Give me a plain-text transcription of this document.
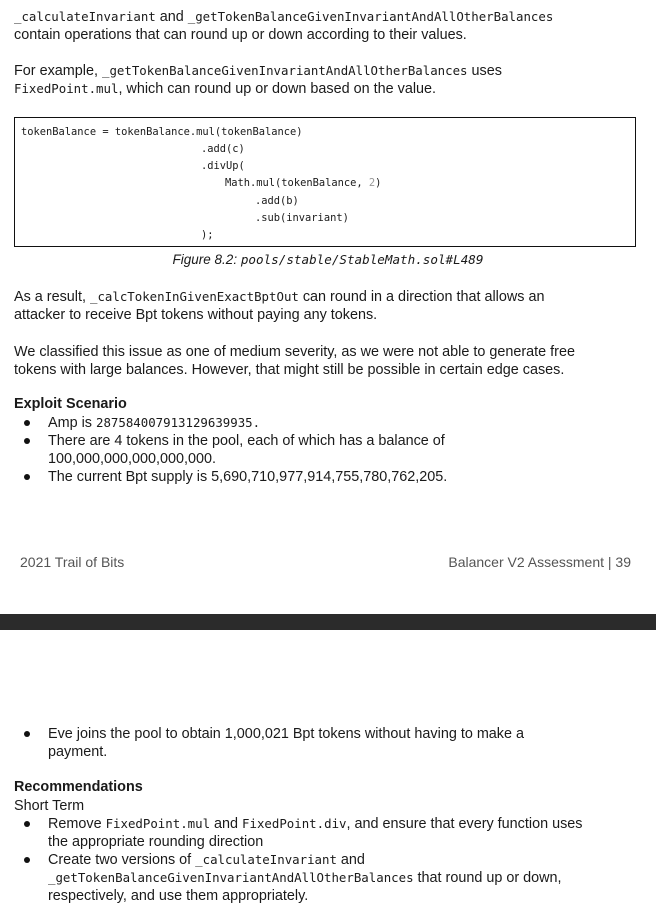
_calculateInvariant and _getTokenBalanceGivenInvariantAndAllOtherBalances

contain operations that can round up or down according to their values.

For example, _getTokenBalanceGivenInvariantAndAllOtherBalances uses

FixedPoint.mul, which can round up or down based on the value.

tokenBalance = tokenBalance.mul(tokenBalance)
.add(c)
.divUp(
Math.mul(tokenBalance, 2)
.add(b)
.sub(invariant)
);
Figure 8.2: pools/stable/StableMath.sol#L489

As a result, _calcTokenInGivenExactBptOut can round in a direction that allows an

attacker to receive Bpt tokens without paying any tokens.

We classified this issue as one of medium severity, as we were not able to generate free

tokens with large balances. However, that might still be possible in certain edge cases.

Exploit Scenario
Amp is 287584007913129639935.
There are 4 tokens in the pool, each of which has a balance of
100,000,000,000,000,000.
The current Bpt supply is 5,690,710,977,914,755,780,762,205.
2021 Trail of Bits	Balancer V2 Assessment | 39
Eve joins the pool to obtain 1,000,021 Bpt tokens without having to make a
payment.
Recommendations

Short Term

Remove FixedPoint.mul and FixedPoint.div, and ensure that every function uses
the appropriate rounding direction
Create two versions of _calculateInvariant and
_getTokenBalanceGivenInvariantAndAllOtherBalances that round up or down,
respectively, and use them appropriately.
